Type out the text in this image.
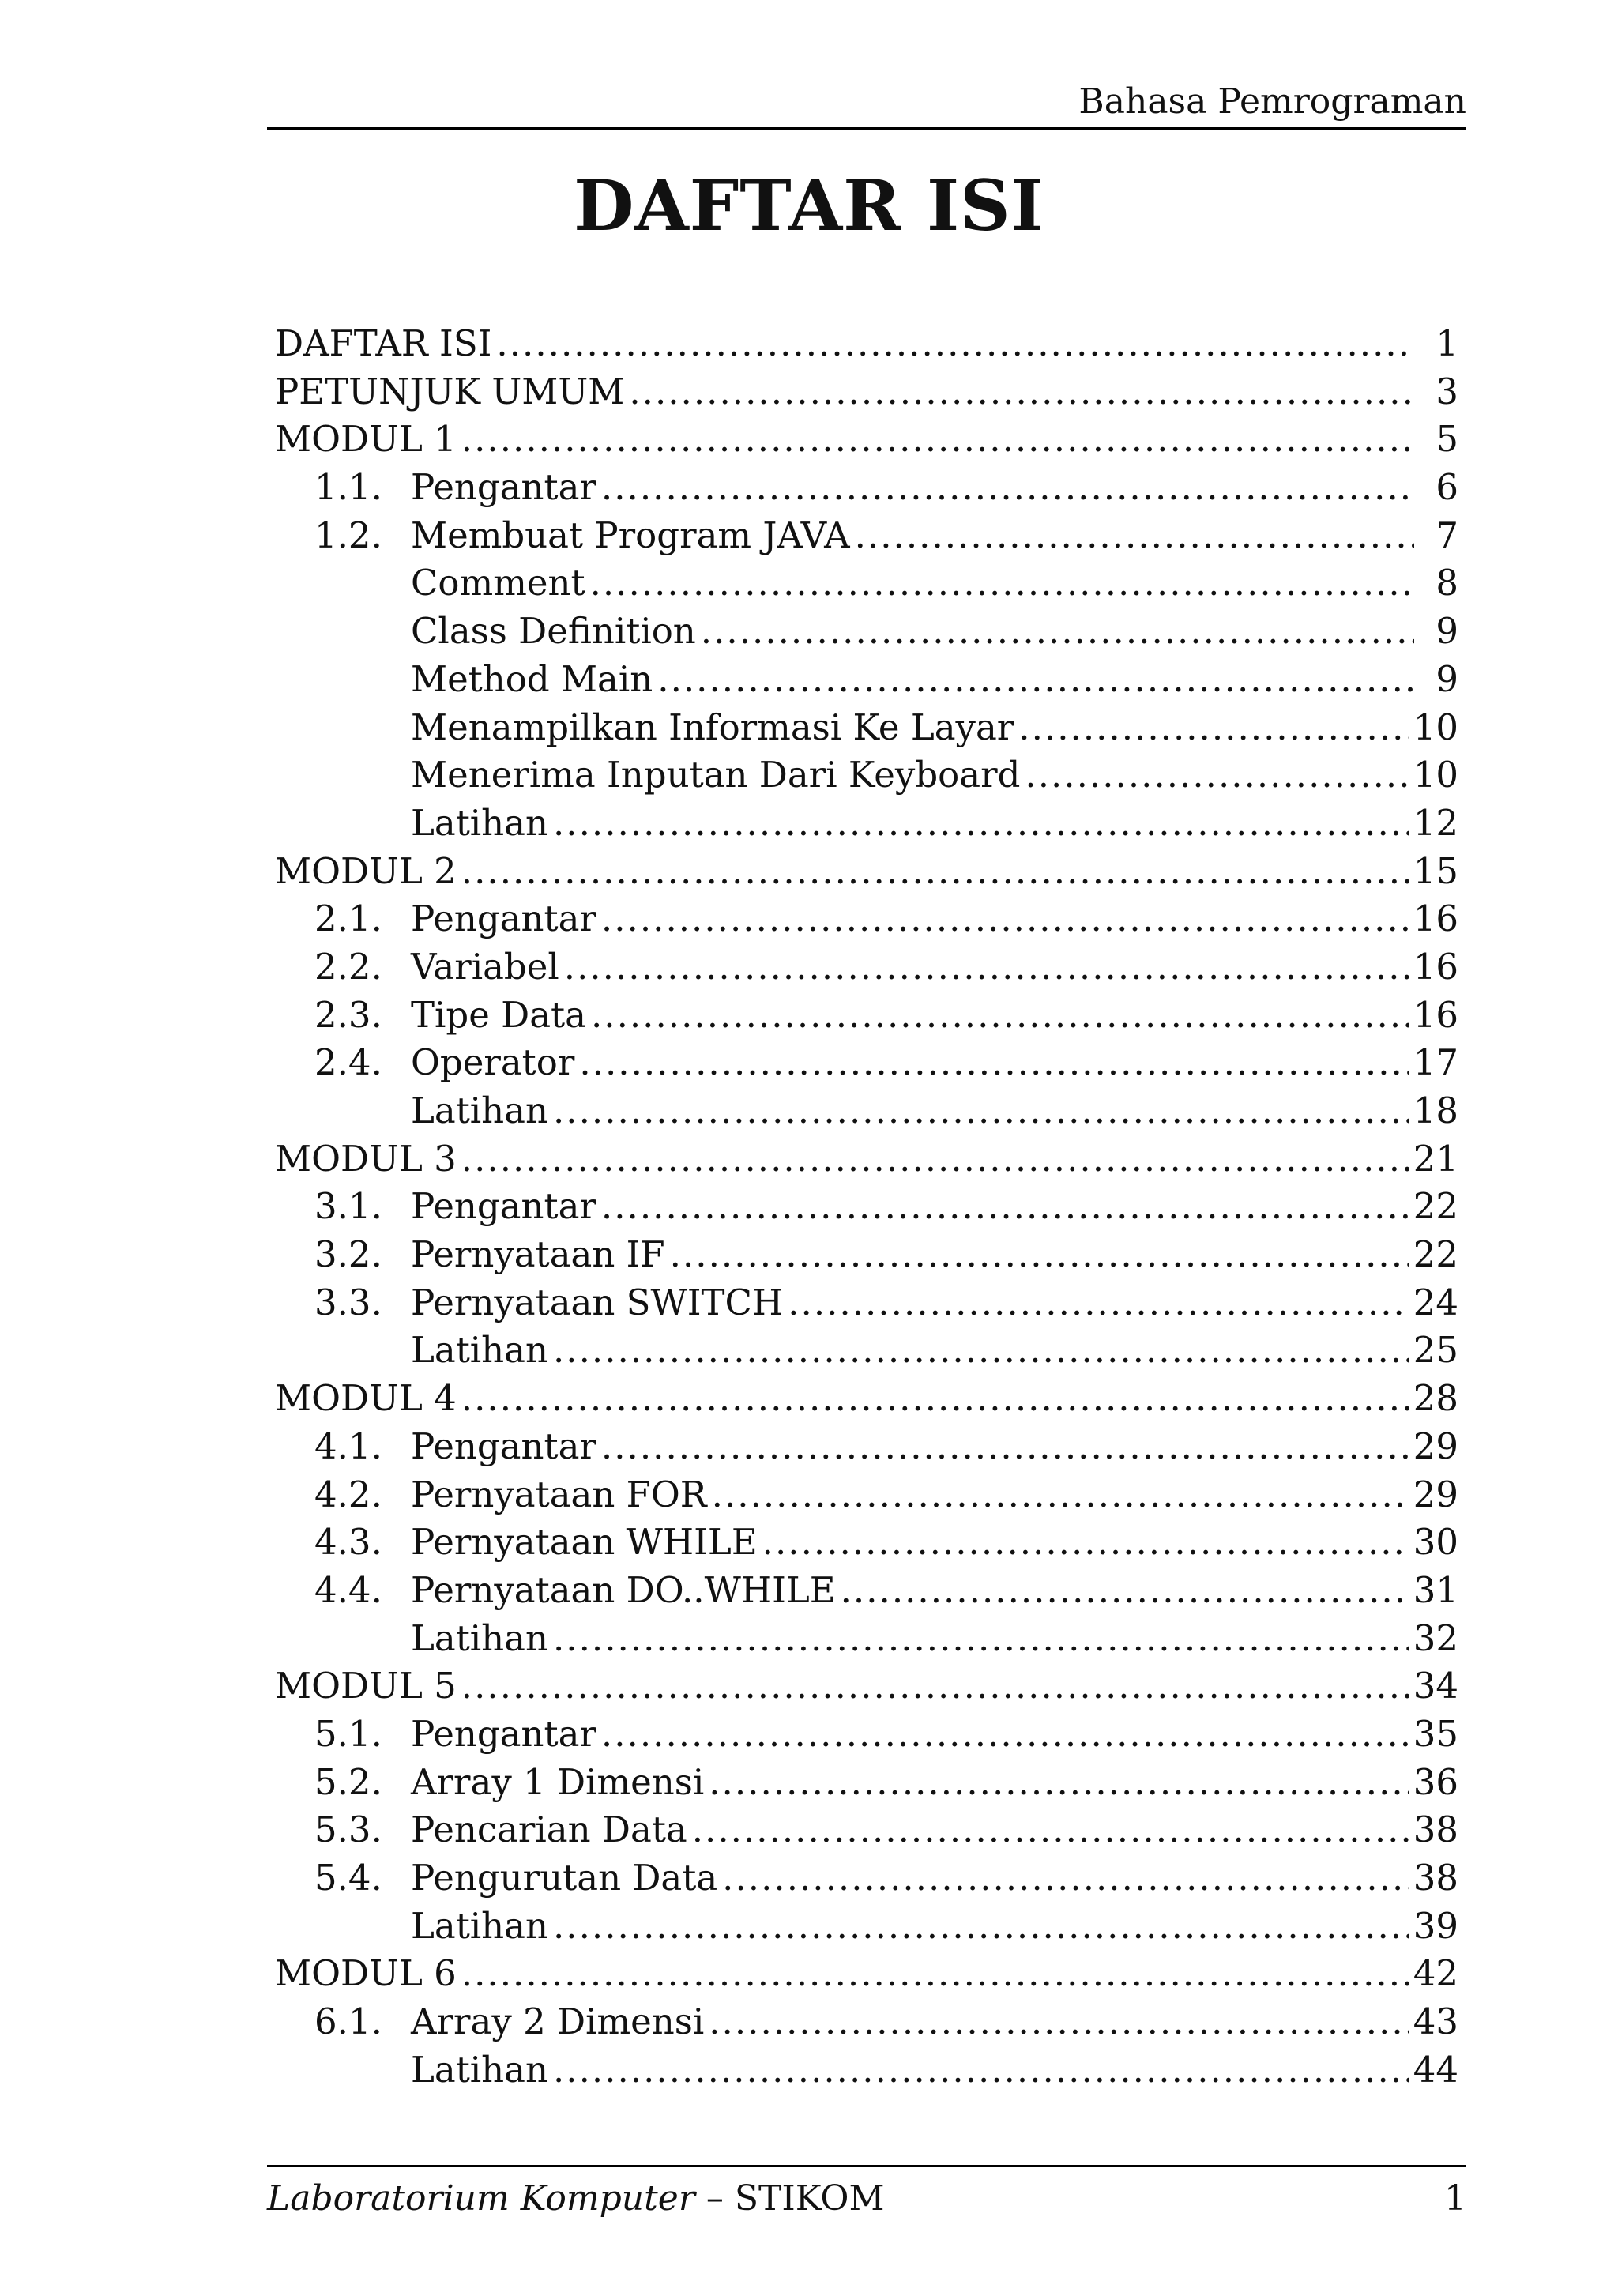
Bahasa Pemrograman
DAFTAR ISI
DAFTAR ISI .....	1
PETUNJUK UMUM .....	3
MODUL 1 .....	5
1.1. Pengantar .....	6
1.2. Membuat Program JAVA .....	7
Comment .....	8
Class Definition .....	9
Method Main .....	9
Menampilkan Informasi Ke Layar .....	10
Menerima Inputan Dari Keyboard .....	10
Latihan .....	12
MODUL 2 .....	15
2.1. Pengantar .....	16
2.2. Variabel .....	16
2.3. Tipe Data .....	16
2.4. Operator .....	17
Latihan .....	18
MODUL 3 .....	21
3.1. Pengantar .....	22
3.2. Pernyataan IF .....	22
3.3. Pernyataan SWITCH .....	24
Latihan .....	25
MODUL 4 .....	28
4.1. Pengantar .....	29
4.2. Pernyataan FOR .....	29
4.3. Pernyataan WHILE .....	30
4.4. Pernyataan DO..WHILE .....	31
Latihan .....	32
MODUL 5 .....	34
5.1. Pengantar .....	35
5.2. Array 1 Dimensi .....	36
5.3. Pencarian Data .....	38
5.4. Pengurutan Data .....	38
Latihan .....	39
MODUL 6 .....	42
6.1. Array 2 Dimensi .....	43
Latihan .....	44
Laboratorium Komputer – STIKOM	1
